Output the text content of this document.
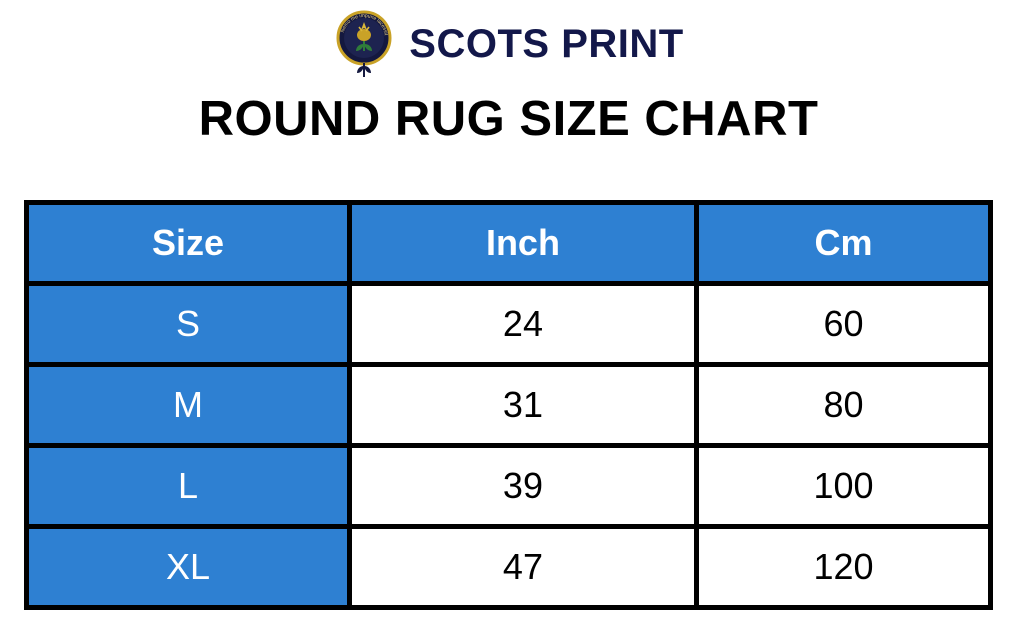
Nemo me impune lacessit SCOTS PRINT
ROUND RUG SIZE CHART
Size	Inch	Cm
S	24	60
M	31	80
L	39	100
XL	47	120
